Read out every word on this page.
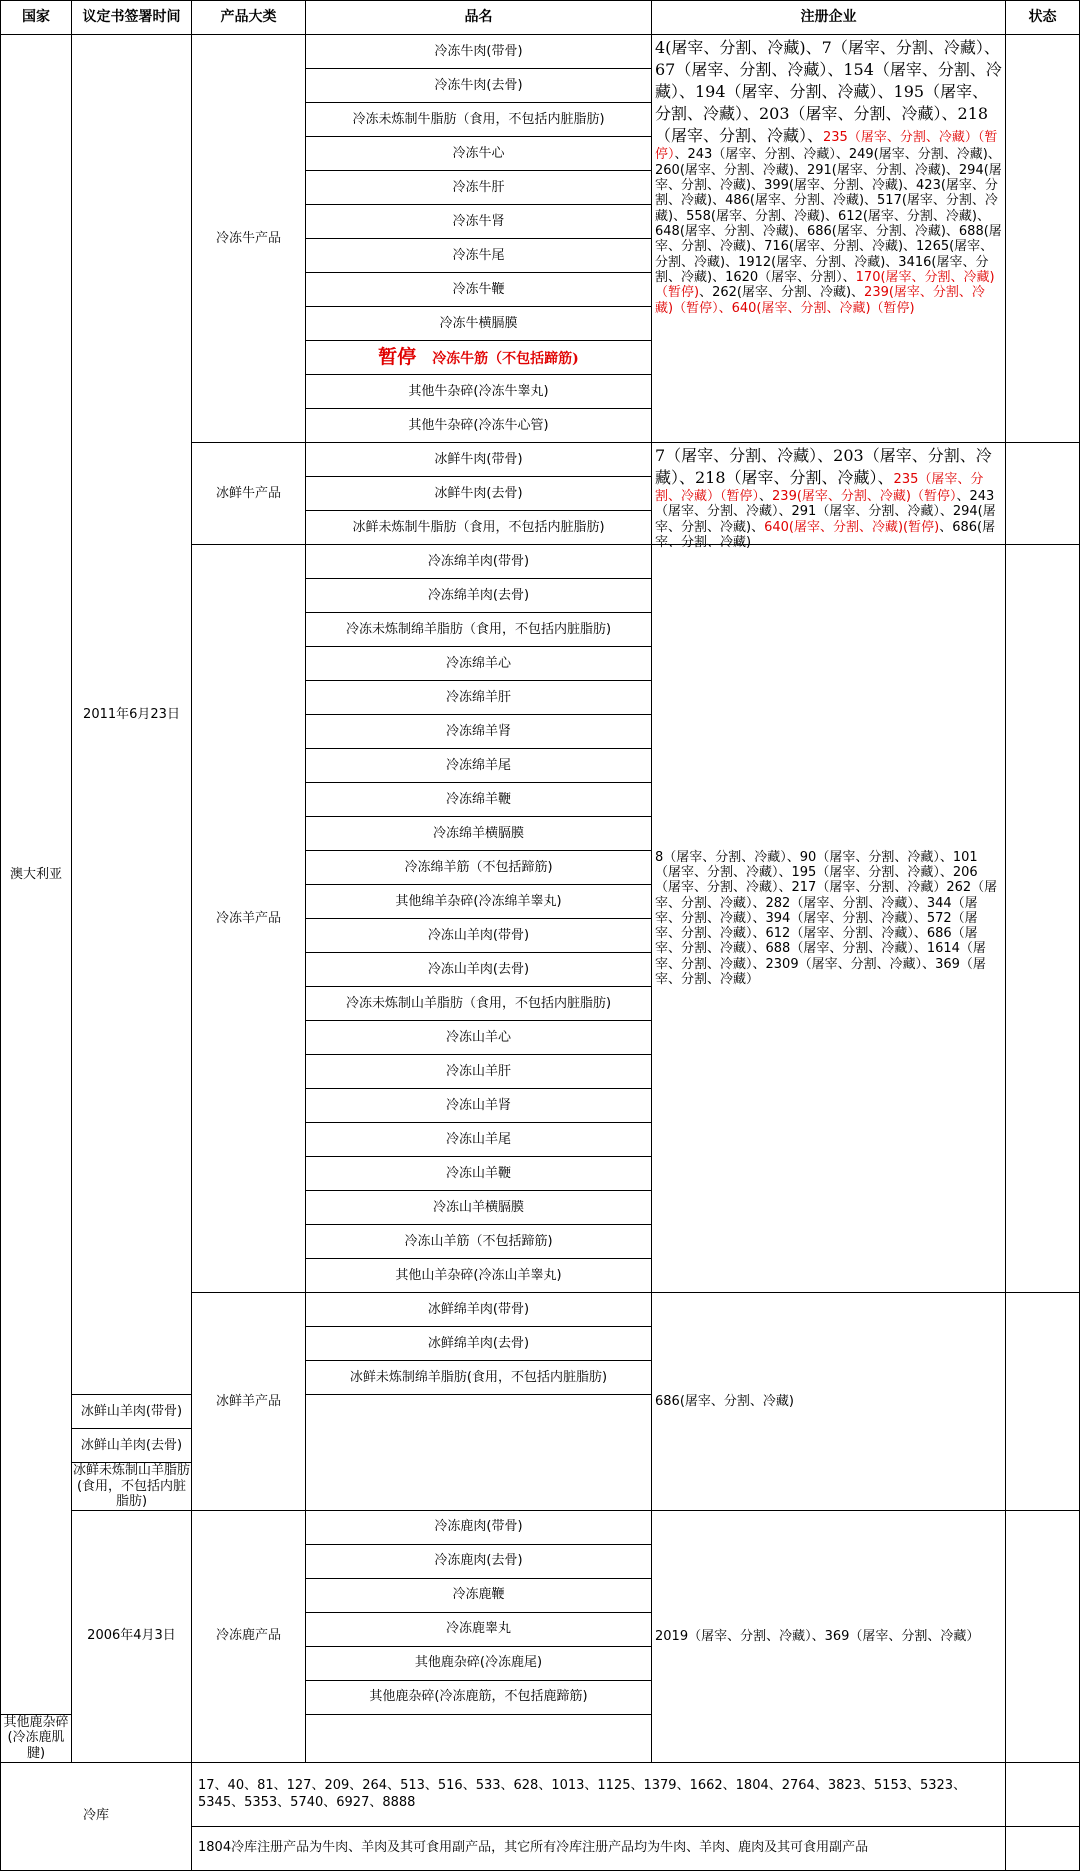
国家	议定书签署时间	产品大类	品名	注册企业	状态
澳大利亚	2011年6月23日	冷冻牛产品	冷冻牛肉(带骨)	4(屠宰、分割、冷藏)、7（屠宰、分割、冷藏）、67（屠宰、分割、冷藏）、154（屠宰、分割、冷藏）、194（屠宰、分割、冷藏）、195（屠宰、分割、冷藏）、203（屠宰、分割、冷藏）、218（屠宰、分割、冷藏）、235（屠宰、分割、冷藏）（暂停）、243（屠宰、分割、冷藏）、249(屠宰、分割、冷藏)、260(屠宰、分割、冷藏)、291(屠宰、分割、冷藏)、294(屠宰、分割、冷藏)、399(屠宰、分割、冷藏)、423(屠宰、分割、冷藏)、486(屠宰、分割、冷藏)、517(屠宰、分割、冷藏)、558(屠宰、分割、冷藏)、612(屠宰、分割、冷藏)、648(屠宰、分割、冷藏)、686(屠宰、分割、冷藏)、688(屠宰、分割、冷藏)、716(屠宰、分割、冷藏)、1265(屠宰、分割、冷藏)、1912(屠宰、分割、冷藏)、3416(屠宰、分割、冷藏)、1620（屠宰、分割）、170(屠宰、分割、冷藏)（暂停)、262(屠宰、分割、冷藏)、239(屠宰、分割、冷藏)（暂停）、640(屠宰、分割、冷藏)（暂停)	

			冷冻牛肉(去骨)		
			冷冻未炼制牛脂肪（食用，不包括内脏脂肪)		
			冷冻牛心		
			冷冻牛肝		
			冷冻牛肾		
			冷冻牛尾		
			冷冻牛鞭		
			冷冻牛横膈膜		
			暂停 冷冻牛筋（不包括蹄筋)		
			其他牛杂碎(冷冻牛睾丸)		
			其他牛杂碎(冷冻牛心管)		
		冰鲜牛产品	冰鲜牛肉(带骨)	7（屠宰、分割、冷藏）、203（屠宰、分割、冷藏）、218（屠宰、分割、冷藏）、235（屠宰、分割、冷藏）（暂停）、239(屠宰、分割、冷藏)（暂停）、243（屠宰、分割、冷藏）、291（屠宰、分割、冷藏）、294(屠宰、分割、冷藏)、640(屠宰、分割、冷藏)(暂停)、686(屠宰、分割、冷藏)	

			冰鲜牛肉(去骨)		
			冰鲜未炼制牛脂肪（食用，不包括内脏脂肪)		
		冷冻羊产品	冷冻绵羊肉(带骨)	8（屠宰、分割、冷藏）、90（屠宰、分割、冷藏）、101（屠宰、分割、冷藏）、195（屠宰、分割、冷藏）、206（屠宰、分割、冷藏）、217（屠宰、分割、冷藏）262（屠宰、分割、冷藏）、282（屠宰、分割、冷藏）、344（屠宰、分割、冷藏）、394（屠宰、分割、冷藏）、572（屠宰、分割、冷藏）、612（屠宰、分割、冷藏）、686（屠宰、分割、冷藏）、688（屠宰、分割、冷藏）、1614（屠宰、分割、冷藏）、2309（屠宰、分割、冷藏）、369（屠宰、分割、冷藏）	
			冷冻绵羊肉(去骨)		
			冷冻未炼制绵羊脂肪（食用，不包括内脏脂肪)		
			冷冻绵羊心		
			冷冻绵羊肝		
			冷冻绵羊肾		
			冷冻绵羊尾		
			冷冻绵羊鞭		
			冷冻绵羊横膈膜		
			冷冻绵羊筋（不包括蹄筋)		
			其他绵羊杂碎(冷冻绵羊睾丸)		
			冷冻山羊肉(带骨)		
			冷冻山羊肉(去骨)		
			冷冻未炼制山羊脂肪（食用，不包括内脏脂肪)		
			冷冻山羊心		
			冷冻山羊肝		
			冷冻山羊肾		
			冷冻山羊尾		
			冷冻山羊鞭		
			冷冻山羊横膈膜		
			冷冻山羊筋（不包括蹄筋)		
			其他山羊杂碎(冷冻山羊睾丸)		
		冰鲜羊产品	冰鲜绵羊肉(带骨)	686(屠宰、分割、冷藏)	
			冰鲜绵羊肉(去骨)		
			冰鲜未炼制绵羊脂肪(食用，不包括内脏脂肪)		
	冰鲜山羊肉(带骨)				
	冰鲜山羊肉(去骨)				
	冰鲜未炼制山羊脂肪(食用，不包括内脏脂肪)				
	2006年4月3日	冷冻鹿产品	冷冻鹿肉(带骨)	2019（屠宰、分割、冷藏）、369（屠宰、分割、冷藏）	
			冷冻鹿肉(去骨)		
			冷冻鹿鞭		
			冷冻鹿睾丸		
			其他鹿杂碎(冷冻鹿尾)		
			其他鹿杂碎(冷冻鹿筋，不包括鹿蹄筋)		
其他鹿杂碎(冷冻鹿肌腱)					
冷库		17、40、81、127、209、264、513、516、533、628、1013、1125、1379、1662、1804、2764、3823、5153、5323、5345、5353、5740、6927、8888			
		1804冷库注册产品为牛肉、羊肉及其可食用副产品，其它所有冷库注册产品均为牛肉、羊肉、鹿肉及其可食用副产品			
